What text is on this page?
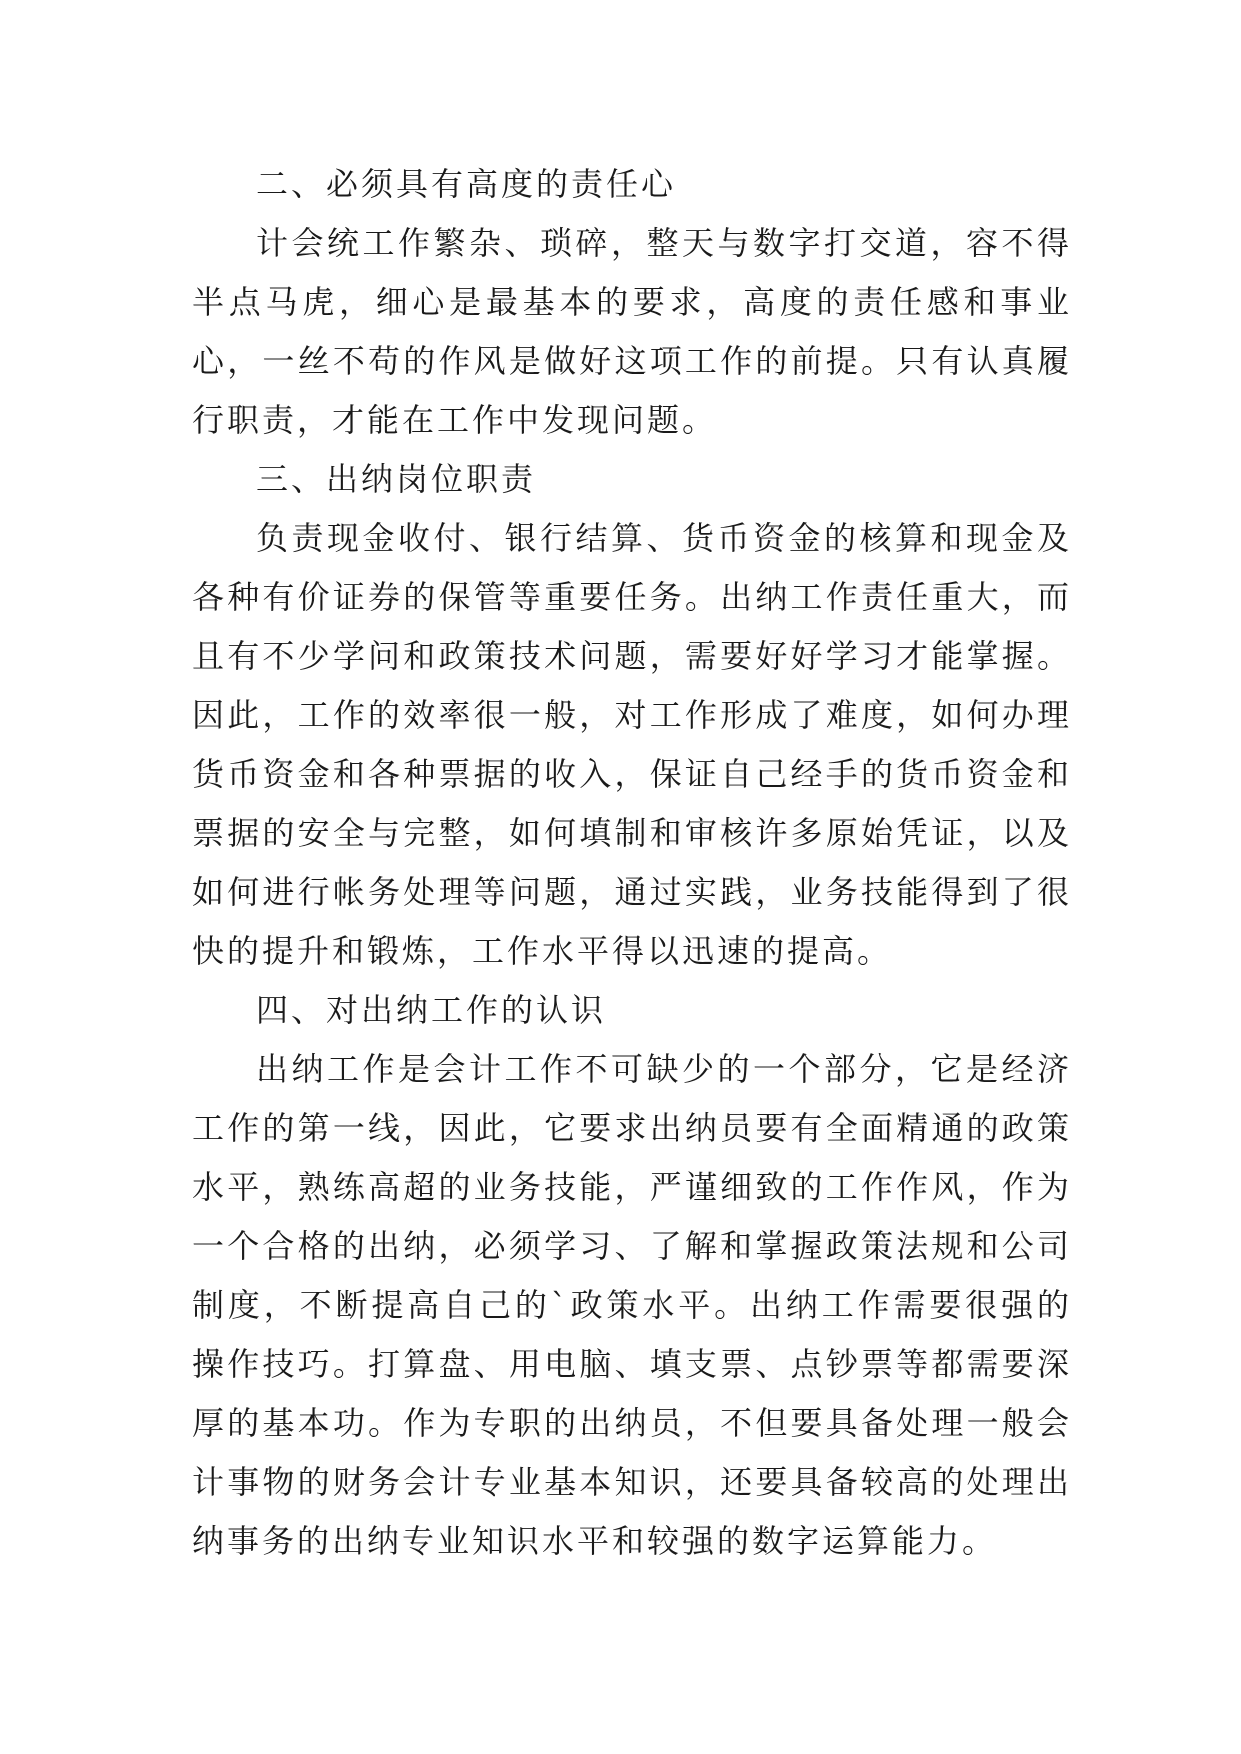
二、必须具有高度的责任心

计会统工作繁杂、琐碎，整天与数字打交道，容不得半点马虎，细心是最基本的要求，高度的责任感和事业心，一丝不苟的作风是做好这项工作的前提。只有认真履行职责，才能在工作中发现问题。

三、出纳岗位职责

负责现金收付、银行结算、货币资金的核算和现金及各种有价证券的保管等重要任务。出纳工作责任重大，而且有不少学问和政策技术问题，需要好好学习才能掌握。因此，工作的效率很一般，对工作形成了难度，如何办理货币资金和各种票据的收入，保证自己经手的货币资金和票据的安全与完整，如何填制和审核许多原始凭证，以及如何进行帐务处理等问题，通过实践，业务技能得到了很快的提升和锻炼，工作水平得以迅速的提高。

四、对出纳工作的认识

出纳工作是会计工作不可缺少的一个部分，它是经济工作的第一线，因此，它要求出纳员要有全面精通的政策水平，熟练高超的业务技能，严谨细致的工作作风，作为一个合格的出纳，必须学习、了解和掌握政策法规和公司制度，不断提高自己的`政策水平。出纳工作需要很强的操作技巧。打算盘、用电脑、填支票、点钞票等都需要深厚的基本功。作为专职的出纳员，不但要具备处理一般会计事物的财务会计专业基本知识，还要具备较高的处理出纳事务的出纳专业知识水平和较强的数字运算能力。
